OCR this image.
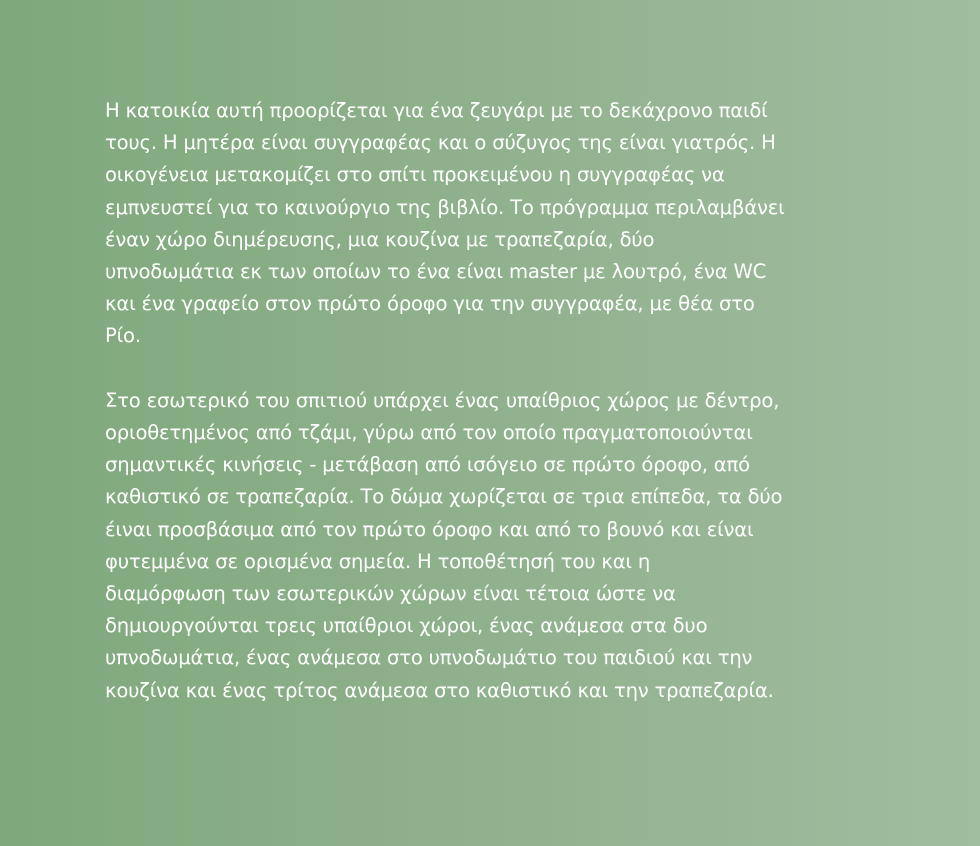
Η κατοικία αυτή προορίζεται για ένα ζευγάρι με το δεκάχρονο παιδί
τους. Η μητέρα είναι συγγραφέας και ο σύζυγος της είναι γιατρός. Η
οικογένεια μετακομίζει στο σπίτι προκειμένου η συγγραφέας να
εμπνευστεί για το καινούργιο της βιβλίο. Το πρόγραμμα περιλαμβάνει
έναν χώρο διημέρευσης, μια κουζίνα με τραπεζαρία, δύο
υπνοδωμάτια εκ των οποίων το ένα είναι master με λουτρό, ένα WC
και ένα γραφείο στον πρώτο όροφο για την συγγραφέα, με θέα στο
Ρίο.
Στο εσωτερικό του σπιτιού υπάρχει ένας υπαίθριος χώρος με δέντρο,
οριοθετημένος από τζάμι, γύρω από τον οποίο πραγματοποιούνται
σημαντικές κινήσεις - μετάβαση από ισόγειο σε πρώτο όροφο, από
καθιστικό σε τραπεζαρία. Το δώμα χωρίζεται σε τρια επίπεδα, τα δύο
έιναι προσβάσιμα από τον πρώτο όροφο και από το βουνό και είναι
φυτεμμένα σε ορισμένα σημεία. Η τοποθέτησή του και η
διαμόρφωση των εσωτερικών χώρων είναι τέτοια ώστε να
δημιουργούνται τρεις υπαίθριοι χώροι, ένας ανάμεσα στα δυο
υπνοδωμάτια, ένας ανάμεσα στο υπνοδωμάτιο του παιδιού και την
κουζίνα και ένας τρίτος ανάμεσα στο καθιστικό και την τραπεζαρία.
